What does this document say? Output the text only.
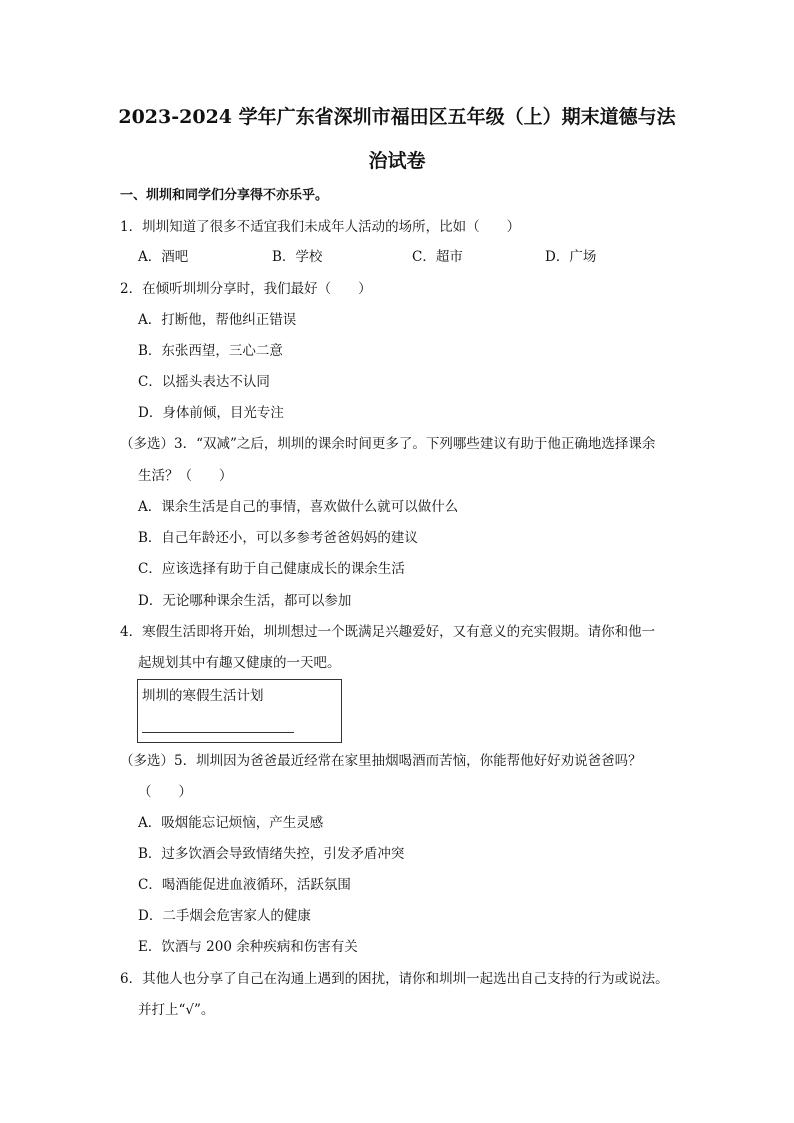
2023-2024 学年广东省深圳市福田区五年级（上）期末道德与法
治试卷
一、圳圳和同学们分享得不亦乐乎。
1．圳圳知道了很多不适宜我们未成年人活动的场所，比如（　　）
A．酒吧	B．学校	C．超市	D．广场
2．在倾听圳圳分享时，我们最好（　　）
A．打断他，帮他纠正错误
B．东张西望，三心二意
C．以摇头表达不认同
D．身体前倾，目光专注
（多选）3．“双减”之后，圳圳的课余时间更多了。下列哪些建议有助于他正确地选择课余
生活？（　　）
A．课余生活是自己的事情，喜欢做什么就可以做什么
B．自己年龄还小，可以多参考爸爸妈妈的建议
C．应该选择有助于自己健康成长的课余生活
D．无论哪种课余生活，都可以参加
4．寒假生活即将开始，圳圳想过一个既满足兴趣爱好，又有意义的充实假期。请你和他一
起规划其中有趣又健康的一天吧。
圳圳的寒假生活计划
（多选）5．圳圳因为爸爸最近经常在家里抽烟喝酒而苦恼，你能帮他好好劝说爸爸吗？
（　　）
A．吸烟能忘记烦恼，产生灵感
B．过多饮酒会导致情绪失控，引发矛盾冲突
C．喝酒能促进血液循环，活跃氛围
D．二手烟会危害家人的健康
E．饮酒与 200 余种疾病和伤害有关
6．其他人也分享了自己在沟通上遇到的困扰，请你和圳圳一起选出自己支持的行为或说法。
并打上“√”。
